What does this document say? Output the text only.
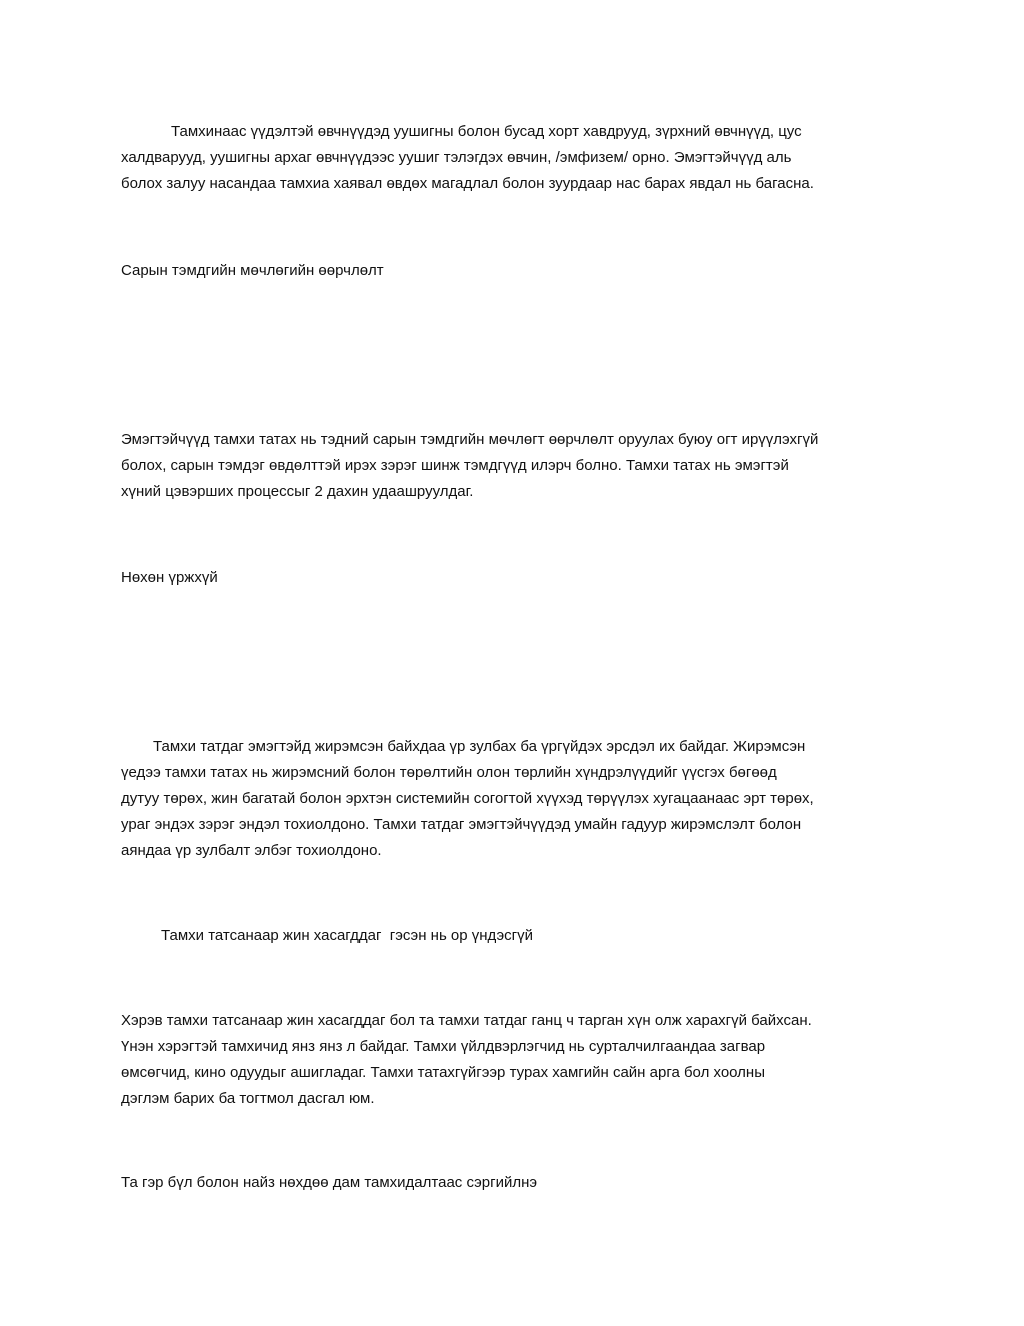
Тамхинаас үүдэлтэй өвчнүүдэд уушигны болон бусад хорт хавдрууд, зүрхний өвчнүүд, цус
халдварууд, уушигны архаг өвчнүүдээс уушиг тэлэгдэх өвчин, /эмфизем/ орно. Эмэгтэйчүүд аль
болох залуу насандаа тамхиа хаявал өвдөх магадлал болон зуурдаар нас барах явдал нь багасна.
Сарын тэмдгийн мөчлөгийн өөрчлөлт
Эмэгтэйчүүд тамхи татах нь тэдний сарын тэмдгийн мөчлөгт өөрчлөлт оруулах буюу огт ирүүлэхгүй
болох, сарын тэмдэг өвдөлттэй ирэх зэрэг шинж тэмдгүүд илэрч болно. Тамхи татах нь эмэгтэй
хүний цэвэрших процессыг 2 дахин удаашруулдаг.
Нөхөн үржхүй
Тамхи татдаг эмэгтэйд жирэмсэн байхдаа үр зулбах ба үргүйдэх эрсдэл их байдаг. Жирэмсэн
үедээ тамхи татах нь жирэмсний болон төрөлтийн олон төрлийн хүндрэлүүдийг үүсгэх бөгөөд
дутуу төрөх, жин багатай болон эрхтэн системийн согогтой хүүхэд төрүүлэх хугацаанаас эрт төрөх,
ураг эндэх зэрэг эндэл тохиолдоно. Тамхи татдаг эмэгтэйчүүдэд умайн гадуур жирэмслэлт болон
аяндаа үр зулбалт элбэг тохиолдоно.
Тамхи татсанаар жин хасагддаг  гэсэн нь ор үндэсгүй
Хэрэв тамхи татсанаар жин хасагддаг бол та тамхи татдаг ганц ч тарган хүн олж харахгүй байхсан.
Үнэн хэрэгтэй тамхичид янз янз л байдаг. Тамхи үйлдвэрлэгчид нь сурталчилгаандаа загвар
өмсөгчид, кино одуудыг ашигладаг. Тамхи татахгүйгээр турах хамгийн сайн арга бол хоолны
дэглэм барих ба тогтмол дасгал юм.
Та гэр бүл болон найз нөхдөө дам тамхидалтаас сэргийлнэ
